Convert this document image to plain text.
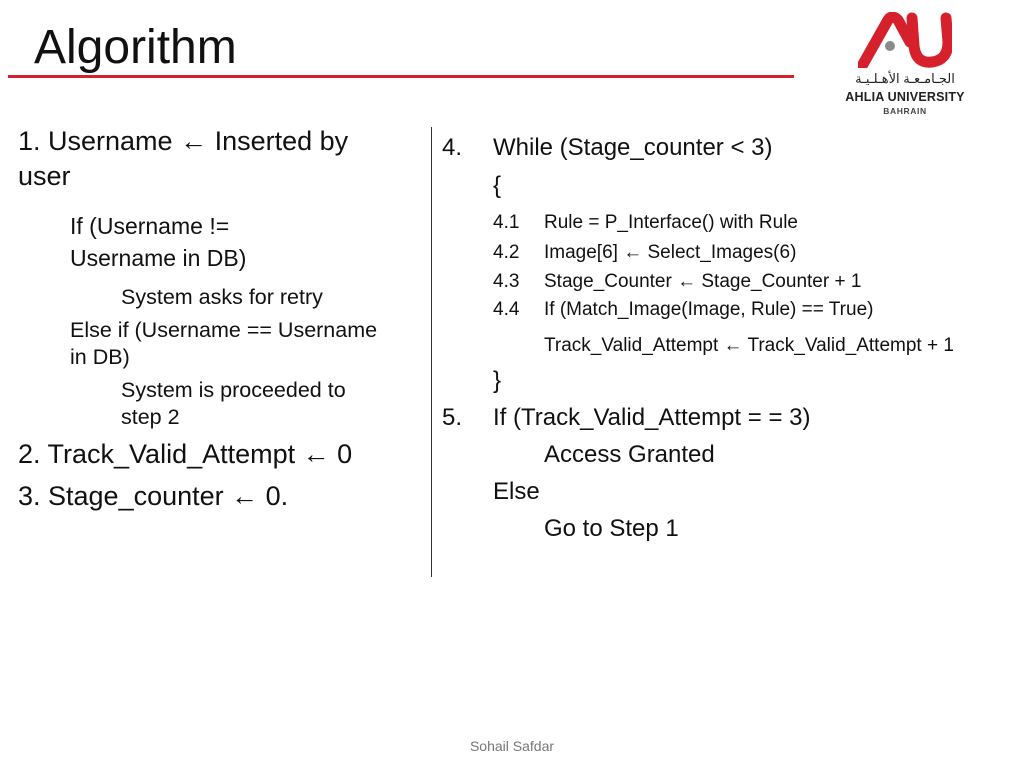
Algorithm
الجـامـعـة الأهـلـيـة
AHLIA UNIVERSITY
BAHRAIN
1. Username ← Inserted by
user
If (Username !=
Username in DB)
System asks for retry
Else if (Username == Username
in DB)
System is proceeded to
step 2
2. Track_Valid_Attempt ← 0
3. Stage_counter ← 0.
4. While (Stage_counter < 3)
{
4.1 Rule = P_Interface() with Rule
4.2 Image[6] ← Select_Images(6)
4.3 Stage_Counter ← Stage_Counter + 1
4.4 If (Match_Image(Image, Rule) == True)
Track_Valid_Attempt ← Track_Valid_Attempt + 1
}
5. If (Track_Valid_Attempt = = 3)
Access Granted
Else
Go to Step 1
Sohail Safdar
